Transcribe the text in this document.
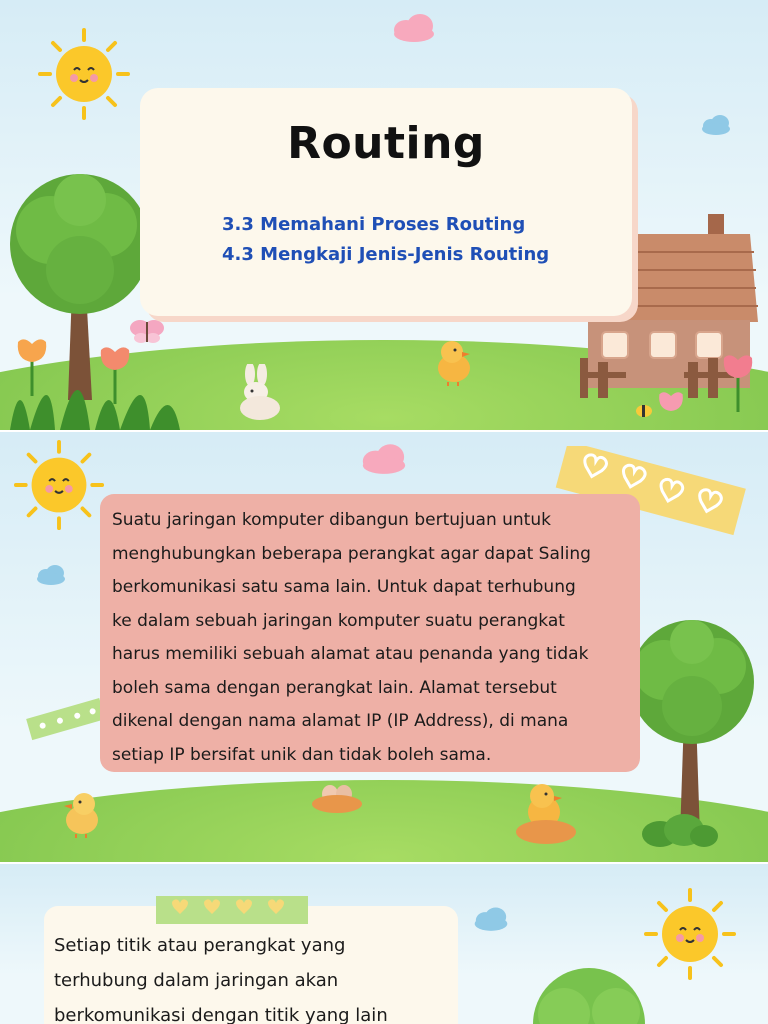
Routing
3.3 Memahani Proses Routing
4.3 Mengkaji Jenis-Jenis Routing
Suatu jaringan komputer dibangun bertujuan untuk
menghubungkan beberapa perangkat agar dapat Saling
berkomunikasi satu sama lain. Untuk dapat terhubung
ke dalam sebuah jaringan komputer suatu perangkat
harus memiliki sebuah alamat atau penanda yang tidak
boleh sama dengan perangkat lain. Alamat tersebut
dikenal dengan nama alamat IP (IP Address), di mana
setiap IP bersifat unik dan tidak boleh sama.
Setiap titik atau perangkat yang
terhubung dalam jaringan akan
berkomunikasi dengan titik yang lain
